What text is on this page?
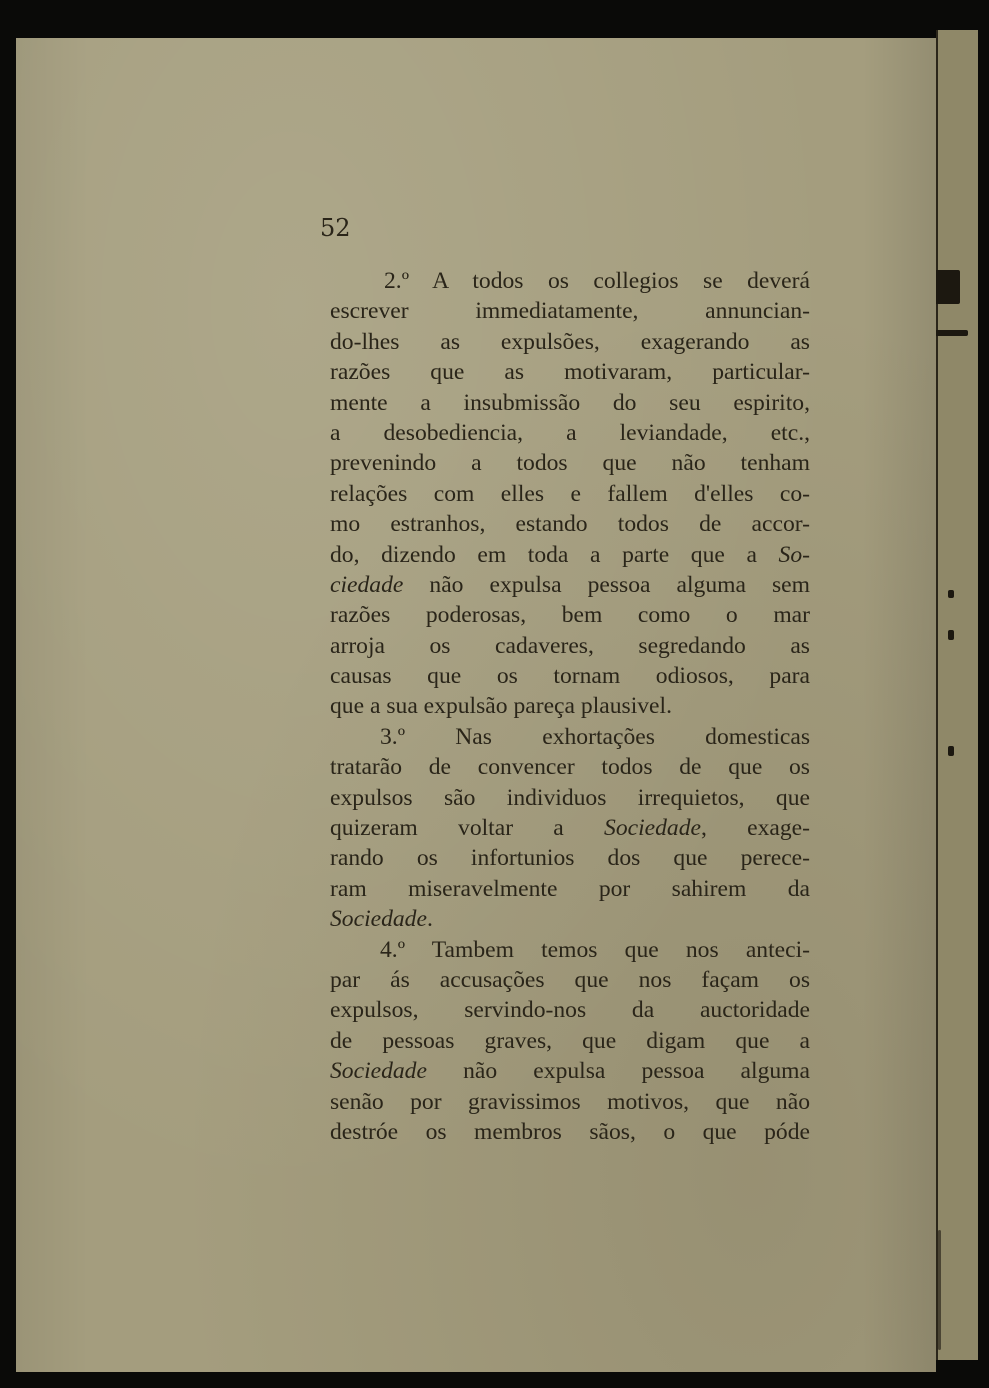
52
2.º A todos os collegios se deverá
escrever immediatamente, annuncian-
do-lhes as expulsões, exagerando as
razões que as motivaram, particular-
mente a insubmissão do seu espirito,
a desobediencia, a leviandade, etc.,
prevenindo a todos que não tenham
relações com elles e fallem d'elles co-
mo estranhos, estando todos de accor-
do, dizendo em toda a parte que a So-
ciedade não expulsa pessoa alguma sem
razões poderosas, bem como o mar
arroja os cadaveres, segredando as
causas que os tornam odiosos, para
que a sua expulsão pareça plausivel.
3.º Nas exhortações domesticas
tratarão de convencer todos de que os
expulsos são individuos irrequietos, que
quizeram voltar a Sociedade, exage-
rando os infortunios dos que perece-
ram miseravelmente por sahirem da
Sociedade.
4.º Tambem temos que nos anteci-
par ás accusações que nos façam os
expulsos, servindo-nos da auctoridade
de pessoas graves, que digam que a
Sociedade não expulsa pessoa alguma
senão por gravissimos motivos, que não
destróe os membros sãos, o que póde
